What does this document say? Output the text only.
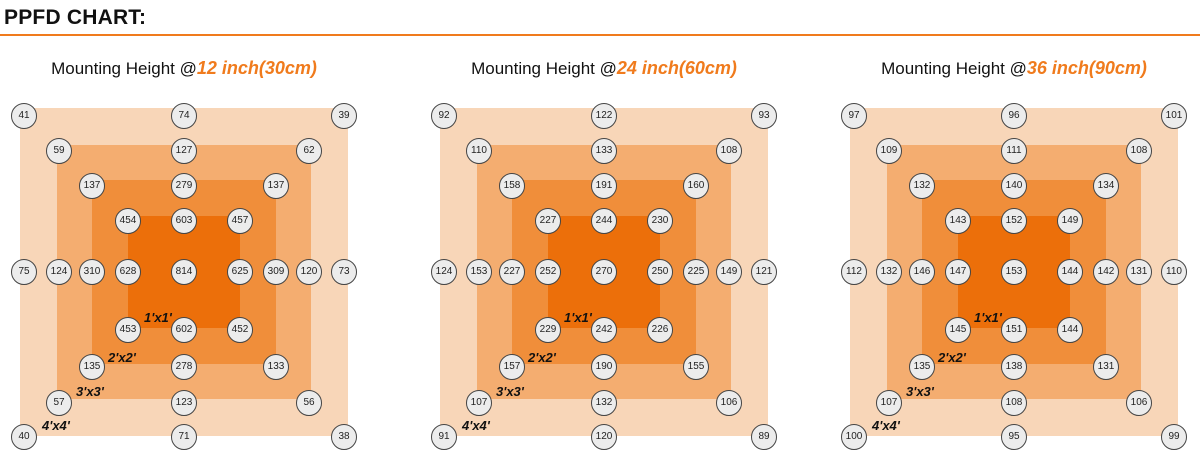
PPFD CHART:
Mounting Height @12 inch(30cm)
41	74	39
59	127	62
137	279	137
454	603	457
75	124	310	628	814	625	309	120	73
453	602	452
135	278	133
57	123	56
40	71	38
1'x1'
2'x2'
3'x3'
4'x4'
Mounting Height @24 inch(60cm)
92	122	93
110	133	108
158	191	160
227	244	230
124	153	227	252	270	250	225	149	121
229	242	226
157	190	155
107	132	106
91	120	89
1'x1'
2'x2'
3'x3'
4'x4'
Mounting Height @36 inch(90cm)
97	96	101
109	111	108
132	140	134
143	152	149
112	132	146	147	153	144	142	131	110
145	151	144
135	138	131
107	108	106
100	95	99
1'x1'
2'x2'
3'x3'
4'x4'
